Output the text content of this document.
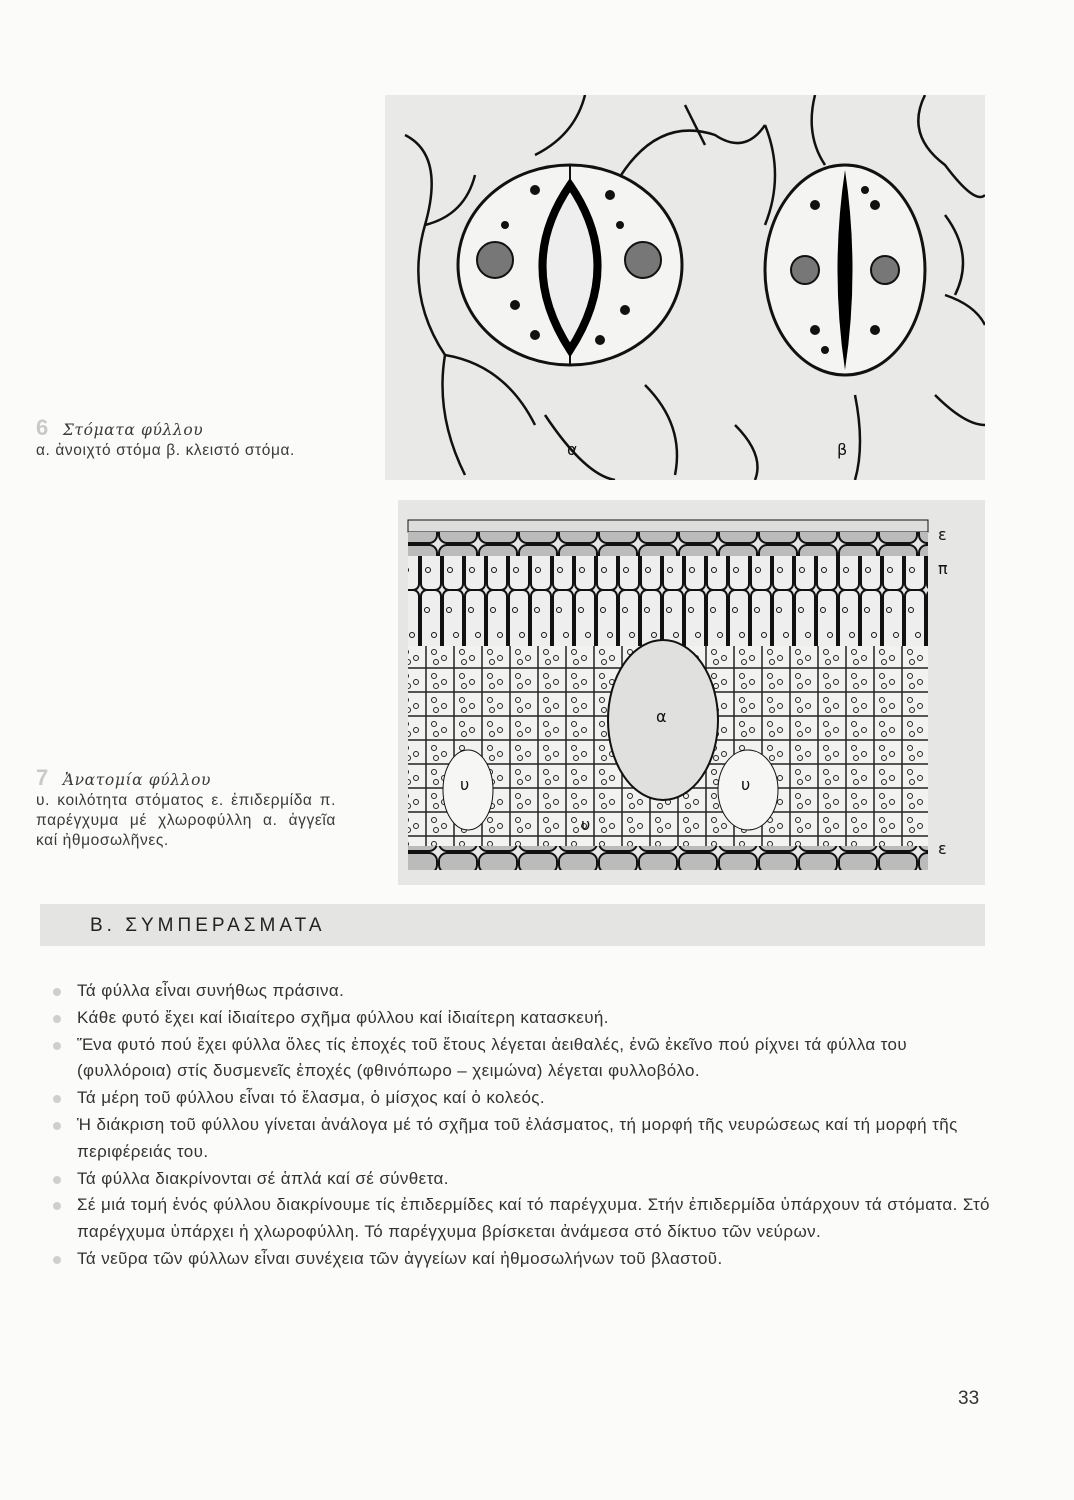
α	β
6 Στόματα φύλλου
α. ἀνοιχτό στόμα β. κλειστό στόμα.
ε
π
α
υ
υ
υ
ε
7 Ἀνατομία φύλλου
υ. κοιλότητα στόματος ε. ἐπιδερμίδα π. παρέγχυμα μέ χλωροφύλλη α. ἀγγεῖα καί ἠθμοσωλῆνες.
Β. ΣΥΜΠΕΡΑΣΜΑΤΑ
Τά φύλλα εἶναι συνήθως πράσινα.
Κάθε φυτό ἔχει καί ἰδιαίτερο σχῆμα φύλλου καί ἰδιαίτερη κατασκευή.
Ἕνα φυτό πού ἔχει φύλλα ὅλες τίς ἐποχές τοῦ ἔτους λέγεται ἀειθαλές, ἐνῶ ἐκεῖνο πού ρίχνει τά φύλλα του (φυλλόροια) στίς δυσμενεῖς ἐποχές (φθινόπωρο – χειμώνα) λέγεται φυλλοβόλο.
Τά μέρη τοῦ φύλλου εἶναι τό ἔλασμα, ὁ μίσχος καί ὁ κολεός.
Ἡ διάκριση τοῦ φύλλου γίνεται ἀνάλογα μέ τό σχῆμα τοῦ ἐλάσματος, τή μορφή τῆς νευρώσεως καί τή μορφή τῆς περιφέρειάς του.
Τά φύλλα διακρίνονται σέ ἁπλά καί σέ σύνθετα.
Σέ μιά τομή ἑνός φύλλου διακρίνουμε τίς ἐπιδερμίδες καί τό παρέγχυμα. Στήν ἐπιδερμίδα ὑπάρχουν τά στόματα. Στό παρέγχυμα ὑπάρχει ἡ χλωροφύλλη. Τό παρέγχυμα βρίσκεται ἀνάμεσα στό δίκτυο τῶν νεύρων.
Τά νεῦρα τῶν φύλλων εἶναι συνέχεια τῶν ἀγγείων καί ἠθμοσωλήνων τοῦ βλαστοῦ.
33
